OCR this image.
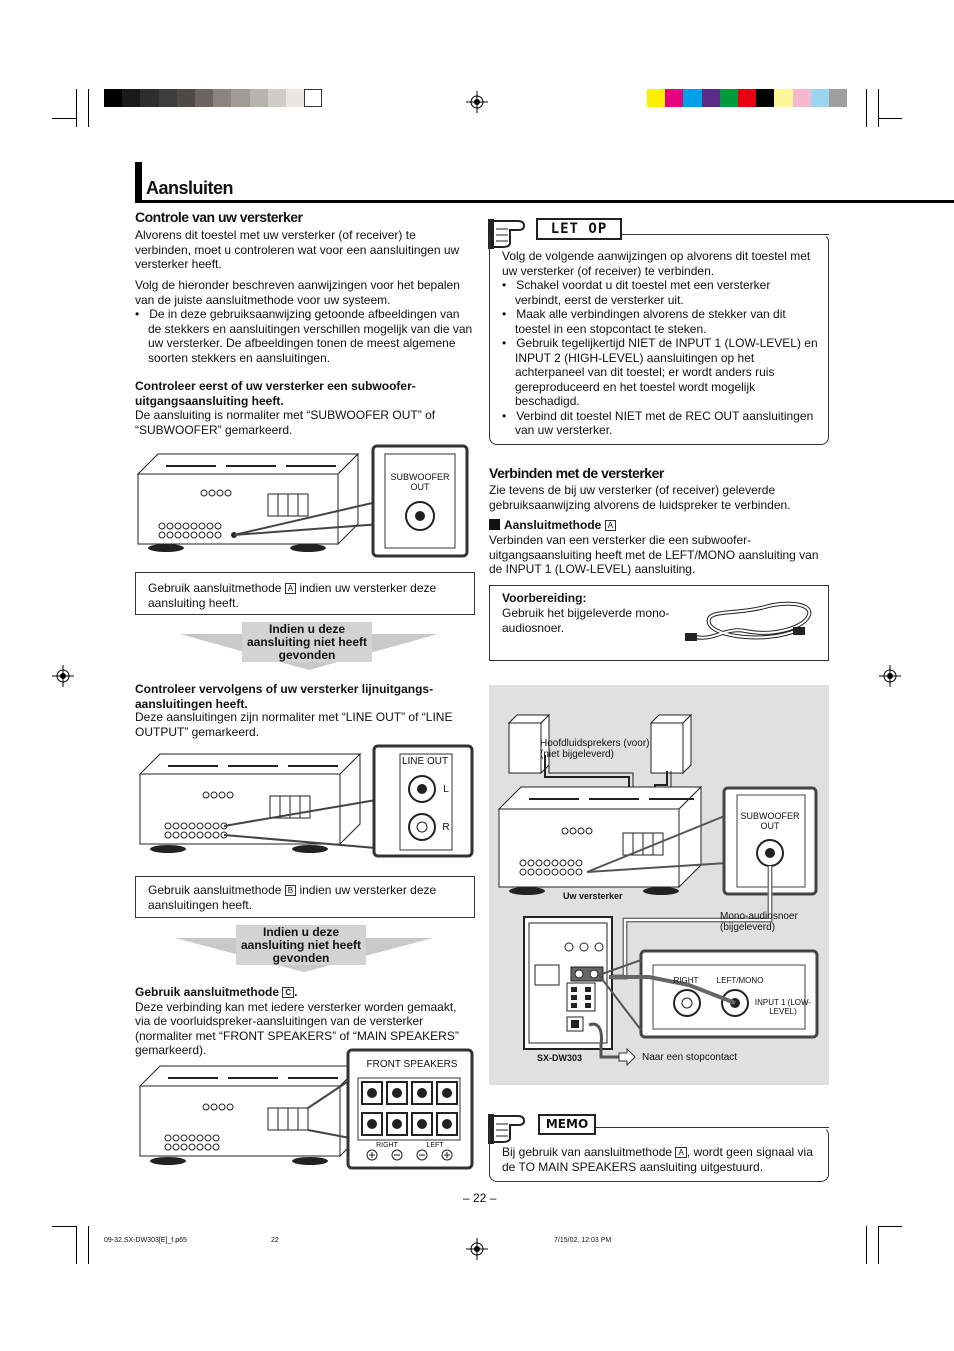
Aansluiten
Controle van uw versterker
Alvorens dit toestel met uw versterker (of receiver) te verbinden, moet u controleren wat voor een aansluitingen uw versterker heeft.
Volg de hieronder beschreven aanwijzingen voor het bepalen van de juiste aansluitmethode voor uw systeem.
•   De in deze gebruiksaanwijzing getoonde afbeeldingen van de stekkers en aansluitingen verschillen mogelijk van die van uw versterker. De afbeeldingen tonen de meest algemene soorten stekkers en aansluitingen.
Controleer eerst of uw versterker een subwoofer-uitgangsaansluiting heeft.
De aansluiting is normaliter met “SUBWOOFER OUT” of “SUBWOOFER” gemarkeerd.
SUBWOOFER OUT
Gebruik aansluitmethode A indien uw versterker deze aansluiting heeft.
Indien u deze aansluiting niet heeft gevonden
Controleer vervolgens of uw versterker lijnuitgangs-aansluitingen heeft.
Deze aansluitingen zijn normaliter met “LINE OUT” of “LINE OUTPUT” gemarkeerd.
LINE OUT
L
R
Gebruik aansluitmethode B indien uw versterker deze aansluitingen heeft.
Indien u deze aansluiting niet heeft gevonden
Gebruik aansluitmethode C .
Deze verbinding kan met iedere versterker worden gemaakt, via de voorluidspreker-aansluitingen van de versterker (normaliter met “FRONT SPEAKERS” of “MAIN SPEAKERS” gemarkeerd).
FRONT SPEAKERS
RIGHT	LEFT
LET OP
Volg de volgende aanwijzingen op alvorens dit toestel met uw versterker (of receiver) te verbinden.
•   Schakel voordat u dit toestel met een versterker verbindt, eerst de versterker uit.
•   Maak alle verbindingen alvorens de stekker van dit toestel in een stopcontact te steken.
•   Gebruik tegelijkertijd NIET de INPUT 1 (LOW-LEVEL) en INPUT 2 (HIGH-LEVEL) aansluitingen op het achterpaneel van dit toestel; er wordt anders ruis gereproduceerd en het toestel wordt mogelijk beschadigd.
•   Verbind dit toestel NIET met de REC OUT aansluitingen van uw versterker.
Verbinden met de versterker
Zie tevens de bij uw versterker (of receiver) geleverde gebruiksaanwijzing alvorens de luidspreker te verbinden.
Aansluitmethode A
Verbinden van een versterker die een subwoofer-uitgangsaansluiting heeft met de LEFT/MONO aansluiting van de INPUT 1 (LOW-LEVEL) aansluiting.
Voorbereiding:
Gebruik het bijgeleverde mono-audiosnoer.
Hoofdluidsprekers (voor) (niet bijgeleverd)
SUBWOOFER OUT
Uw versterker
Mono-audiosnoer (bijgeleverd)
RIGHT	LEFT/MONO
INPUT 1 (LOW-LEVEL)
SX-DW303	Naar een stopcontact
MEMO
Bij gebruik van aansluitmethode A , wordt geen signaal via de TO MAIN SPEAKERS aansluiting uitgestuurd.
– 22 –
09-32.SX-DW303[E]_f.p65	22	7/15/02, 12:03 PM
